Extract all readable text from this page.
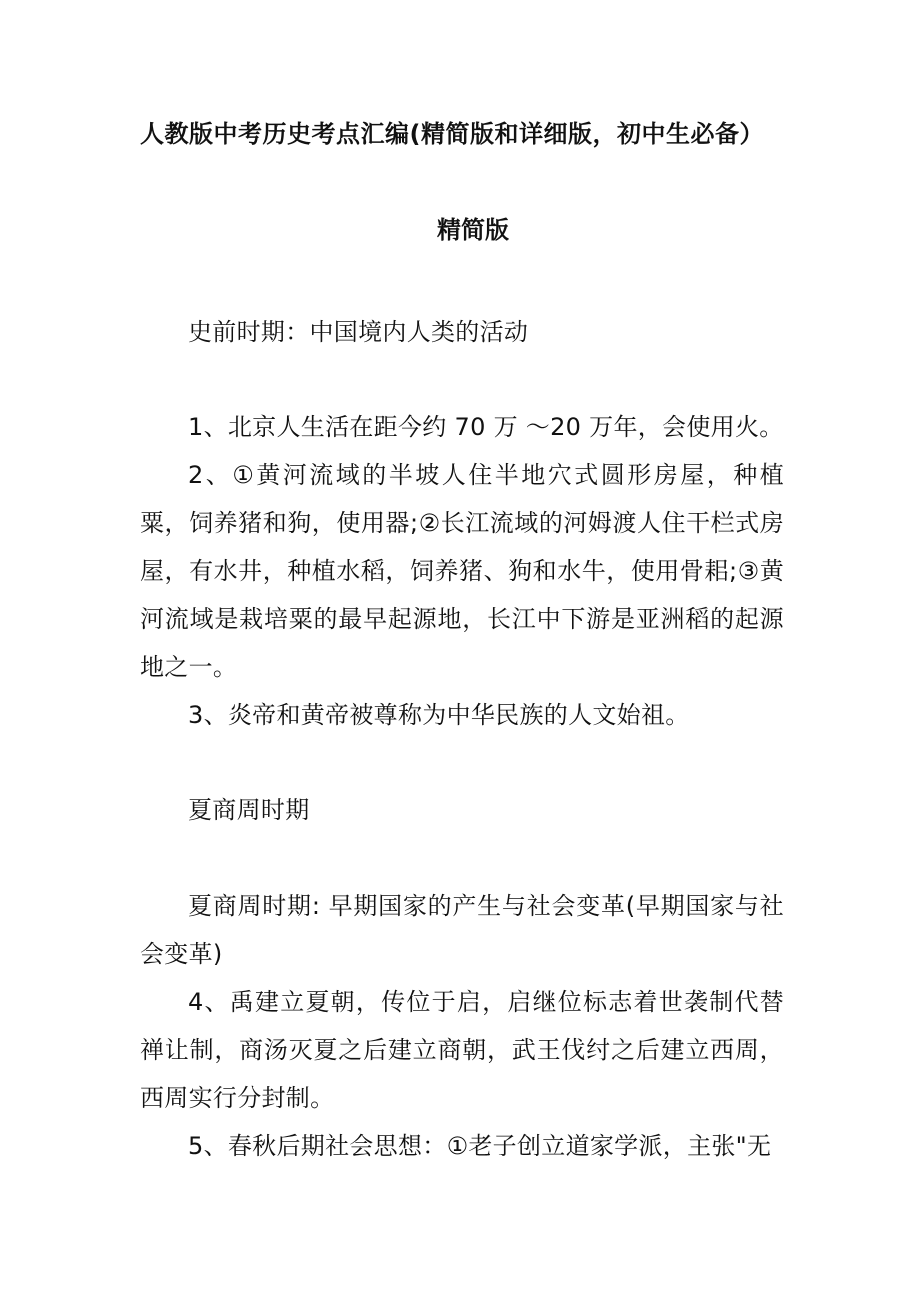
人教版中考历史考点汇编(精简版和详细版，初中生必备）
精简版
史前时期：中国境内人类的活动
1、北京人生活在距今约 70 万 ～20 万年，会使用火。
2、①黄河流域的半坡人住半地穴式圆形房屋，种植粟，饲养猪和狗，使用器;②长江流域的河姆渡人住干栏式房屋，有水井，种植水稻，饲养猪、狗和水牛，使用骨耜;③黄河流域是栽培粟的最早起源地，长江中下游是亚洲稻的起源地之一。
3、炎帝和黄帝被尊称为中华民族的人文始祖。
夏商周时期
夏商周时期: 早期国家的产生与社会变革(早期国家与社会变革)
4、禹建立夏朝，传位于启，启继位标志着世袭制代替禅让制，商汤灭夏之后建立商朝，武王伐纣之后建立西周，西周实行分封制。
5、春秋后期社会思想：①老子创立道家学派，主张"无
